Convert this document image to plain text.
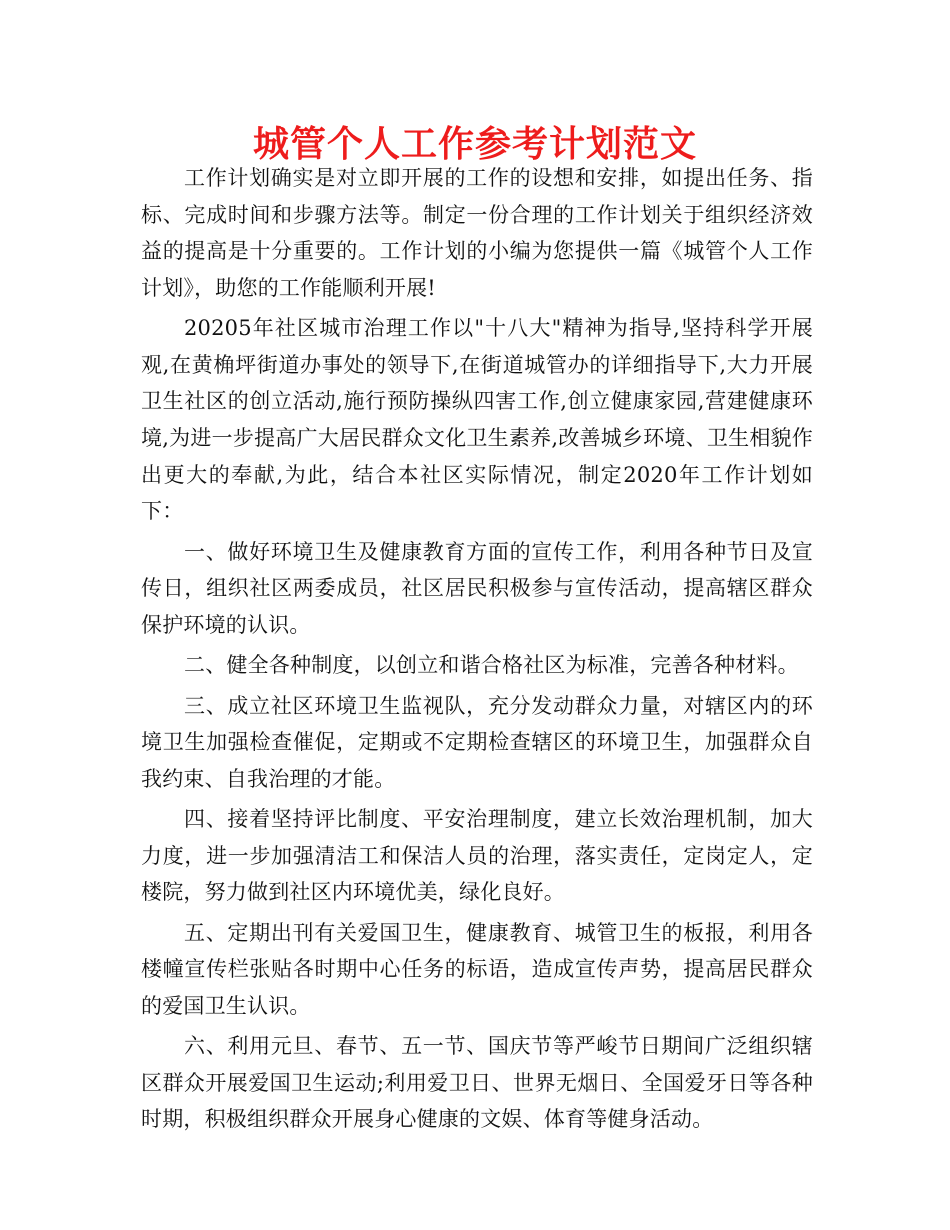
城管个人工作参考计划范文

工作计划确实是对立即开展的工作的设想和安排，如提出任务、指标、完成时间和步骤方法等。制定一份合理的工作计划关于组织经济效益的提高是十分重要的。工作计划的小编为您提供一篇《城管个人工作计划》，助您的工作能顺利开展!

20205年社区城市治理工作以"十八大"精神为指导,坚持科学开展观,在黄桷坪街道办事处的领导下,在街道城管办的详细指导下,大力开展卫生社区的创立活动,施行预防操纵四害工作,创立健康家园,营建健康环境,为进一步提高广大居民群众文化卫生素养,改善城乡环境、卫生相貌作出更大的奉献,为此，结合本社区实际情况，制定2020年工作计划如下：

一、做好环境卫生及健康教育方面的宣传工作，利用各种节日及宣传日，组织社区两委成员，社区居民积极参与宣传活动，提高辖区群众保护环境的认识。

二、健全各种制度，以创立和谐合格社区为标准，完善各种材料。

三、成立社区环境卫生监视队，充分发动群众力量，对辖区内的环境卫生加强检查催促，定期或不定期检查辖区的环境卫生，加强群众自我约束、自我治理的才能。

四、接着坚持评比制度、平安治理制度，建立长效治理机制，加大力度，进一步加强清洁工和保洁人员的治理，落实责任，定岗定人，定楼院，努力做到社区内环境优美，绿化良好。

五、定期出刊有关爱国卫生，健康教育、城管卫生的板报，利用各楼幢宣传栏张贴各时期中心任务的标语，造成宣传声势，提高居民群众的爱国卫生认识。

六、利用元旦、春节、五一节、国庆节等严峻节日期间广泛组织辖区群众开展爱国卫生运动;利用爱卫日、世界无烟日、全国爱牙日等各种时期，积极组织群众开展身心健康的文娱、体育等健身活动。
